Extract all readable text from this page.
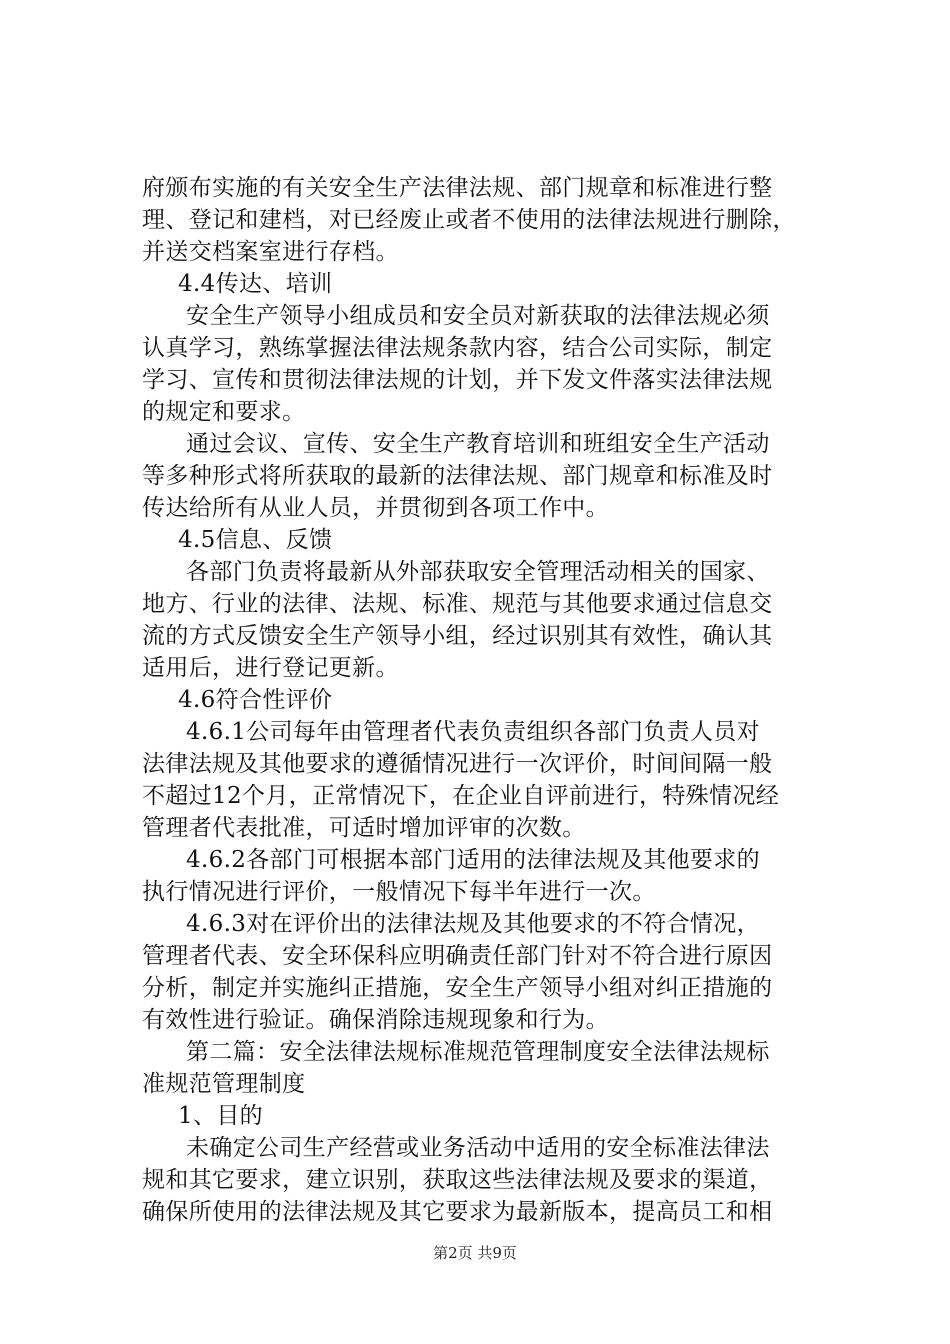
府颁布实施的有关安全生产法律法规、部门规章和标准进行整
理、登记和建档，对已经废止或者不使用的法律法规进行删除，
并送交档案室进行存档。
4.4传达、培训
安全生产领导小组成员和安全员对新获取的法律法规必须
认真学习，熟练掌握法律法规条款内容，结合公司实际，制定
学习、宣传和贯彻法律法规的计划，并下发文件落实法律法规
的规定和要求。
通过会议、宣传、安全生产教育培训和班组安全生产活动
等多种形式将所获取的最新的法律法规、部门规章和标准及时
传达给所有从业人员，并贯彻到各项工作中。
4.5信息、反馈
各部门负责将最新从外部获取安全管理活动相关的国家、
地方、行业的法律、法规、标准、规范与其他要求通过信息交
流的方式反馈安全生产领导小组，经过识别其有效性，确认其
适用后，进行登记更新。
4.6符合性评价
4.6.1公司每年由管理者代表负责组织各部门负责人员对
法律法规及其他要求的遵循情况进行一次评价，时间间隔一般
不超过12个月，正常情况下，在企业自评前进行，特殊情况经
管理者代表批准，可适时增加评审的次数。
4.6.2各部门可根据本部门适用的法律法规及其他要求的
执行情况进行评价，一般情况下每半年进行一次。
4.6.3对在评价出的法律法规及其他要求的不符合情况，
管理者代表、安全环保科应明确责任部门针对不符合进行原因
分析，制定并实施纠正措施，安全生产领导小组对纠正措施的
有效性进行验证。确保消除违规现象和行为。
第二篇：安全法律法规标准规范管理制度安全法律法规标
准规范管理制度
1、目的
未确定公司生产经营或业务活动中适用的安全标准法律法
规和其它要求，建立识别，获取这些法律法规及要求的渠道，
确保所使用的法律法规及其它要求为最新版本，提高员工和相
第2页 共9页
